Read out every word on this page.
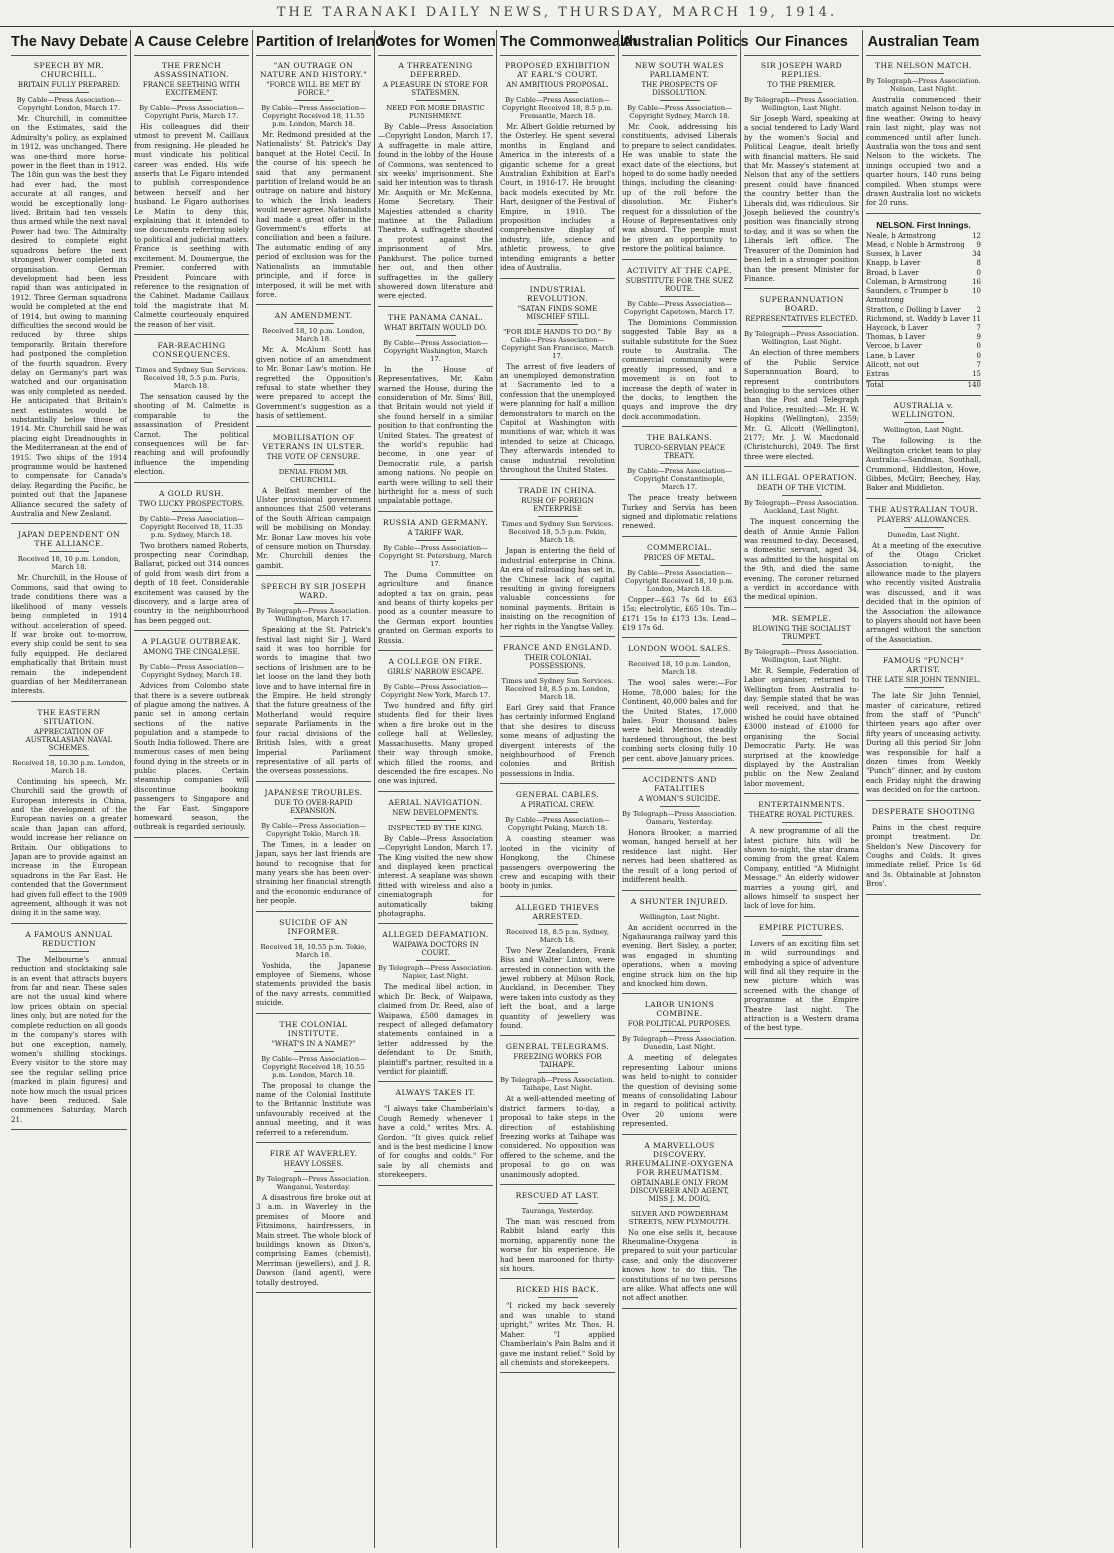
THE TARANAKI DAILY NEWS, THURSDAY, MARCH 19, 1914.
The Navy Debate
SPEECH BY MR. CHURCHILL.
BRITAIN FULLY PREPARED.
By Cable—Press Association—Copyright London, March 17.
Mr. Churchill, in committee on the Estimates, said the Admiralty's policy, as explained in 1912, was unchanged. There was one-third more horse-power in the fleet than in 1912. The 18in gun was the best they had ever had, the most accurate at all ranges, and would be exceptionally long-lived. Britain had ten vessels thus armed while the next naval Power had two. The Admiralty desired to complete eight squadrons before the next strongest Power completed its organisation. German development had been less rapid than was anticipated in 1912. Three German squadrons would be completed at the end of 1914, but owing to manning difficulties the second would be reduced by three ships temporarily. Britain therefore had postponed the completion of the fourth squadron. Every delay on Germany's part was watched and our organisation was only completed as needed. He anticipated that Britain's next estimates would be substantially below those of 1914. Mr. Churchill said he was placing eight Dreadnoughts in the Mediterranean at the end of 1915. Two ships of the 1914 programme would be hastened to compensate for Canada's delay. Regarding the Pacific, he pointed out that the Japanese Alliance secured the safety of Australia and New Zealand.
JAPAN DEPENDENT ON THE ALLIANCE.
Received 18, 10 p.m. London, March 18.
Mr. Churchill, in the House of Commons, said that owing to trade conditions there was a likelihood of many vessels being completed in 1914 without acceleration of speed. If war broke out to-morrow, every ship could be sent to sea fully equipped. He declared emphatically that Britain must remain the independent guardian of her Mediterranean interests.
THE EASTERN SITUATION.
APPRECIATION OF AUSTRALASIAN NAVAL SCHEMES.
Received 18, 10.30 p.m. London, March 18.
Continuing his speech, Mr. Churchill said the growth of European interests in China, and the development of the European navies on a greater scale than Japan can afford, would increase her reliance on Britain. Our obligations to Japan are to provide against an increase in the European squadrons in the Far East. He contended that the Government had given full effect to the 1909 agreement, although it was not doing it in the same way.
A FAMOUS ANNUAL REDUCTION
The Melbourne's annual reduction and stocktaking sale is an event that attracts buyers from far and near. These sales are not the usual kind where low prices obtain on special lines only, but are noted for the complete reduction on all goods in the company's stores with but one exception, namely, women's shilling stockings. Every visitor to the store may see the regular selling price (marked in plain figures) and note how much the usual prices have been reduced. Sale commences Saturday, March 21.
A Cause Celebre
THE FRENCH ASSASSINATION.
FRANCE SEETHING WITH EXCITEMENT.
By Cable—Press Association—Copyright Paris, March 17.
His colleagues did their utmost to prevent M. Caillaux from resigning. He pleaded he must vindicate his political career was ended. His wife asserts that Le Figaro intended to publish correspondence between herself and her husband. Le Figaro authorises Le Matin to deny this, explaining that it intended to use documents referring solely to political and judicial matters. France is seething with excitement. M. Doumergue, the Premier, conferred with President Poincare with reference to the resignation of the Cabinet. Madame Caillaux told the magistrate that M. Calmette courteously enquired the reason of her visit.
FAR-REACHING CONSEQUENCES.
Times and Sydney Sun Services. Received 18, 5.5 p.m. Paris, March 18.
The sensation caused by the shooting of M. Calmette is comparable to the assassination of President Carnot. The political consequences will be far-reaching and will profoundly influence the impending election.
A GOLD RUSH.
TWO LUCKY PROSPECTORS.
By Cable—Press Association—Copyright Received 18, 11.35 p.m. Sydney, March 18.
Two brothers named Roberts, prospecting near Corindhap, Ballarat, picked out 314 ounces of gold from wash dirt from a depth of 18 feet. Considerable excitement was caused by the discovery, and a large area of country in the neighbourhood has been pegged out.
A PLAGUE OUTBREAK.
AMONG THE CINGALESE.
By Cable—Press Association—Copyright Sydney, March 18.
Advices from Colombo state that there is a severe outbreak of plague among the natives. A panic set in among certain sections of the native population and a stampede to South India followed. There are numerous cases of men being found dying in the streets or in public places. Certain steamship companies will discontinue booking passengers to Singapore and the Far East. Singapore homeward season, the outbreak is regarded seriously.
Partition of Ireland
"AN OUTRAGE ON NATURE AND HISTORY."
"FORCE WILL BE MET BY FORCE."
By Cable—Press Association—Copyright Received 18, 11.55 p.m. London, March 18.
Mr. Redmond presided at the Nationalists' St. Patrick's Day banquet at the Hotel Cecil. In the course of his speech he said that any permanent partition of Ireland would be an outrage on nature and history to which the Irish leaders would never agree. Nationalists had made a great offer in the Government's efforts at conciliation and been a failure. The automatic ending of any period of exclusion was for the Nationalists an immutable principle, and if force is interposed, it will be met with force.
AN AMENDMENT.
Received 18, 10 p.m. London, March 18.
Mr. A. McAlum Scott has given notice of an amendment to Mr. Bonar Law's motion. He regretted the Opposition's refusal to state whether they were prepared to accept the Government's suggestion as a basis of settlement.
MOBILISATION OF VETERANS IN ULSTER.
THE VOTE OF CENSURE.
DENIAL FROM MR. CHURCHILL.
A Belfast member of the Ulster provisional government announces that 2500 veterans of the South African campaign will be mobilising on Monday. Mr. Bonar Law moves his vote of censure motion on Thursday. Mr. Churchill denies the gambit.
SPEECH BY SIR JOSEPH WARD.
By Telegraph—Press Association. Wellington, March 17.
Speaking at the St. Patrick's festival last night Sir J. Ward said it was too horrible for words to imagine that two sections of Irishmen are to be let loose on the land they both love and to have internal fire in the Empire. He held strongly that the future greatness of the Motherland would require separate Parliaments in the four racial divisions of the British Isles, with a great Imperial Parliament representative of all parts of the overseas possessions.
JAPANESE TROUBLES.
DUE TO OVER-RAPID EXPANSION.
By Cable—Press Association—Copyright Tokio, March 18.
The Times, in a leader on Japan, says her last friends are bound to recognise that for many years she has been over-straining her financial strength and the economic endurance of her people.
SUICIDE OF AN INFORMER.
Received 18, 10.55 p.m. Tokio, March 18.
Yoshida, the Japanese employee of Siemens, whose statements provided the basis of the navy arrests, committed suicide.
THE COLONIAL INSTITUTE.
"WHAT'S IN A NAME?"
By Cable—Press Association—Copyright Received 18, 10.55 p.m. London, March 18.
The proposal to change the name of the Colonial Institute to the Britannic Institute was unfavourably received at the annual meeting, and it was referred to a referendum.
FIRE AT WAVERLEY.
HEAVY LOSSES.
By Telegraph—Press Association. Wanganui, Yesterday.
A disastrous fire broke out at 3 a.m. in Waverley in the premises of Moore and Fitzsimons, hairdressers, in Main street. The whole block of buildings known as Dixon's, comprising Eames (chemist), Merriman (jewellers), and J. R. Dawson (land agent), were totally destroyed.
Votes for Women
A THREATENING DEFERRED.
A PLEASURE IN STORE FOR STATESMEN.
NEED FOR MORE DRASTIC PUNISHMENT.
By Cable—Press Association—Copyright London, March 17. A suffragette in male attire, found in the lobby of the House of Commons, was sentenced to six weeks' imprisonment. She said her intention was to thrash Mr. Asquith or Mr. McKenna, Home Secretary. Their Majesties attended a charity matinee at the Palladium Theatre. A suffragette shouted a protest against the imprisonment of Mrs. Pankhurst. The police turned her out, and then other suffragettes in the gallery showered down literature and were ejected.
THE PANAMA CANAL.
WHAT BRITAIN WOULD DO.
By Cable—Press Association—Copyright Washington, March 17.
In the House of Representatives, Mr. Kahn warned the House, during the consideration of Mr. Sims' Bill, that Britain would not yield if she found herself in a similar position to that confronting the United States. The greatest of the world's republic had become, in one year of Democratic rule, a parish among nations. No people on earth were willing to sell their birthright for a mess of such unpalatable pottage.
RUSSIA AND GERMANY.
A TARIFF WAR.
By Cable—Press Association—Copyright St. Petersburg, March 17.
The Duma Committee on agriculture and finance adopted a tax on grain, peas and beans of thirty kopeks per pood as a counter measure to the German export bounties granted on German exports to Russia.
A COLLEGE ON FIRE.
GIRLS' NARROW ESCAPE.
By Cable—Press Association—Copyright New York, March 17.
Two hundred and fifty girl students fled for their lives when a fire broke out in the college hall at Wellesley, Massachusetts. Many groped their way through smoke, which filled the rooms, and descended the fire escapes. No one was injured.
AERIAL NAVIGATION.
NEW DEVELOPMENTS.
INSPECTED BY THE KING.
By Cable—Press Association—Copyright London, March 17. The King visited the new show and displayed keen practical interest. A seaplane was shown fitted with wireless and also a cinematograph for automatically taking photographs.
ALLEGED DEFAMATION.
WAIPAWA DOCTORS IN COURT.
By Telegraph—Press Association. Napier, Last Night.
The medical libel action, in which Dr. Beck, of Waipawa, claimed from Dr. Reed, also of Waipawa, £500 damages in respect of alleged defamatory statements contained in a letter addressed by the defendant to Dr. Smith, plaintiff's partner, resulted in a verdict for plaintiff.
ALWAYS TAKES IT.
"I always take Chamberlain's Cough Remedy whenever I have a cold," writes Mrs. A. Gordon. "It gives quick relief and is the best medicine I know of for coughs and colds." For sale by all chemists and storekeepers.
The Commonwealth
PROPOSED EXHIBITION AT EARL'S COURT.
AN AMBITIOUS PROPOSAL.
By Cable—Press Association—Copyright Received 18, 8.5 p.m. Fremantle, March 18.
Mr. Albert Goldie returned by the Osterley. He spent several months in England and America in the interests of a gigantic scheme for a great Australian Exhibition at Earl's Court, in 1916-17. He brought back models executed by Mr. Hart, designer of the Festival of Empire, in 1910. The proposition includes a comprehensive display of industry, life, science and athletic prowess, to give intending emigrants a better idea of Australia.
INDUSTRIAL REVOLUTION.
"SATAN FINDS SOME MISCHIEF STILL
"FOR IDLE HANDS TO DO." By Cable—Press Association—Copyright San Francisco, March 17.
The arrest of five leaders of an unemployed demonstration at Sacramento led to a confession that the unemployed were planning for half a million demonstrators to march on the Capitol at Washington with munitions of war, which it was intended to seize at Chicago. They afterwards intended to cause industrial revolution throughout the United States.
TRADE IN CHINA.
RUSH OF FOREIGN ENTERPRISE
Times and Sydney Sun Services. Received 18, 5.5 p.m. Pekin, March 18.
Japan is entering the field of industrial enterprise in China. An era of railroading has set in, the Chinese lack of capital resulting in giving foreigners valuable concessions for nominal payments. Britain is insisting on the recognition of her rights in the Yangtse Valley.
FRANCE AND ENGLAND.
THEIR COLONIAL POSSESSIONS.
Times and Sydney Sun Services. Received 18, 8.5 p.m. London, March 18.
Earl Grey said that France has certainly informed England that she desires to discuss some means of adjusting the divergent interests of the neighbourhood of French colonies and British possessions in India.
GENERAL CABLES.
A PIRATICAL CREW.
By Cable—Press Association—Copyright Peking, March 18.
A coasting steamer was looted in the vicinity of Hongkong, the Chinese passengers overpowering the crew and escaping with their booty in junks.
ALLEGED THIEVES ARRESTED.
Received 18, 8.5 p.m. Sydney, March 18.
Two New Zealanders, Frank Biss and Walter Linton, were arrested in connection with the jewel robbery at Milson Rock, Auckland, in December. They were taken into custody as they left the boat, and a large quantity of jewellery was found.
GENERAL TELEGRAMS.
FREEZING WORKS FOR TAIHAPE.
By Telegraph—Press Association. Taihape, Last Night.
At a well-attended meeting of district farmers to-day, a proposal to take steps in the direction of establishing freezing works at Taihape was considered. No opposition was offered to the scheme, and the proposal to go on was unanimously adopted.
RESCUED AT LAST.
Tauranga, Yesterday.
The man was rescued from Rabbit Island early this morning, apparently none the worse for his experience. He had been marooned for thirty-six hours.
RICKED HIS BACK.
"I ricked my back severely and was unable to stand upright," writes Mr. Thos. H. Maher. "I applied Chamberlain's Pain Balm and it gave me instant relief." Sold by all chemists and storekeepers.
Australian Politics
NEW SOUTH WALES PARLIAMENT.
THE PROSPECTS OF DISSOLUTION.
By Cable—Press Association—Copyright Sydney, March 18.
Mr. Cook, addressing his constituents, advised Liberals to prepare to select candidates. He was unable to state the exact date of the elections, but hoped to do some badly needed things, including the cleaning-up of the roll before the dissolution. Mr. Fisher's request for a dissolution of the House of Representatives only was absurd. The people must be given an opportunity to restore the political balance.
ACTIVITY AT THE CAPE.
SUBSTITUTE FOR THE SUEZ ROUTE.
By Cable—Press Association—Copyright Capetown, March 17.
The Dominions Commission suggested Table Bay as a suitable substitute for the Suez route to Australia. The commercial community were greatly impressed, and a movement is on foot to increase the depth of water in the docks, to lengthen the quays and improve the dry dock accommodation.
THE BALKANS.
TURCO-SERVIAN PEACE TREATY.
By Cable—Press Association—Copyright Constantinople, March 17.
The peace treaty between Turkey and Servia has been signed and diplomatic relations renewed.
COMMERCIAL.
PRICES OF METAL.
By Cable—Press Association—Copyright Received 18, 10 p.m. London, March 18.
Copper—£63 7s 6d to £63 15s; electrolytic, £65 10s. Tin—£171 15s to £173 13s. Lead—£19 17s 6d.
LONDON WOOL SALES.
Received 18, 10 p.m. London, March 18.
The wool sales were:—For Home, 78,000 bales; for the Continent, 40,000 bales and for the United States, 17,000 bales. Four thousand bales were held. Merinos steadily hardened throughout, the best combing sorts closing fully 10 per cent. above January prices.
ACCIDENTS AND FATALITIES
A WOMAN'S SUICIDE.
By Telegraph—Press Association. Oamaru, Yesterday.
Honora Brooker, a married woman, hanged herself at her residence last night. Her nerves had been shattered as the result of a long period of indifferent health.
A SHUNTER INJURED.
Wellington, Last Night.
An accident occurred in the Ngahauranga railway yard this evening. Bert Sisley, a porter, was engaged in shunting operations, when a moving engine struck him on the hip and knocked him down.
LABOR UNIONS COMBINE.
FOR POLITICAL PURPOSES.
By Telegraph—Press Association. Dunedin, Last Night.
A meeting of delegates representing Labour unions was held to-night to consider the question of devising some means of consolidating Labour in regard to political activity. Over 20 unions were represented.
A MARVELLOUS DISCOVERY. RHEUMALINE-OXYGENA FOR RHEUMATISM.
OBTAINABLE ONLY FROM DISCOVERER AND AGENT, MISS J. M. DOIG,
SILVER AND POWDERHAM STREETS, NEW PLYMOUTH.
No one else sells it, because Rheumaline-Oxygena is prepared to suit your particular case, and only the discoverer knows how to do this. The constitutions of no two persons are alike. What affects one will not affect another.
Our Finances
SIR JOSEPH WARD REPLIES.
TO THE PREMIER.
By Telegraph—Press Association. Wellington, Last Night.
Sir Joseph Ward, speaking at a social tendered to Lady Ward by the women's Social and Political League, dealt briefly with financial matters. He said that Mr. Massey's statement at Nelson that any of the settlers present could have financed the country better than the Liberals did, was ridiculous. Sir Joseph believed the country's position was financially strong to-day, and it was so when the Liberals left office. The Treasurer of the Dominion had been left in a stronger position than the present Minister for Finance.
SUPERANNUATION BOARD.
REPRESENTATIVES ELECTED.
By Telegraph—Press Association. Wellington, Last Night.
An election of three members of the Public Service Superannuation Board, to represent contributors belonging to the services other than the Post and Telegraph and Police, resulted:—Mr. H. W. Hopkins (Wellington), 2359; Mr. G. Allcott (Wellington), 2177; Mr. J. W. Macdonald (Christchurch), 2049. The first three were elected.
AN ILLEGAL OPERATION.
DEATH OF THE VICTIM.
By Telegraph—Press Association. Auckland, Last Night.
The inquest concerning the death of Annie Annie Fallon was resumed to-day. Deceased, a domestic servant, aged 34, was admitted to the hospital on the 9th, and died the same evening. The coroner returned a verdict in accordance with the medical opinion.
MR. SEMPLE.
BLOWING THE SOCIALIST TRUMPET.
By Telegraph—Press Association. Wellington, Last Night.
Mr. R. Semple, Federation of Labor organiser, returned to Wellington from Australia to-day. Semple stated that he was well received, and that he wished he could have obtained £3000 instead of £1000 for organising the Social Democratic Party. He was surprised at the knowledge displayed by the Australian public on the New Zealand labor movement.
ENTERTAINMENTS.
THEATRE ROYAL PICTURES.
A new programme of all the latest picture hits will be shown to-night, the star drama coming from the great Kalem Company, entitled "A Midnight Message." An elderly widower marries a young girl, and allows himself to suspect her lack of love for him.
EMPIRE PICTURES.
Lovers of an exciting film set in wild surroundings and embodying a spice of adventure will find all they require in the new picture which was screened with the change of programme at the Empire Theatre last night. The attraction is a Western drama of the best type.
Australian Team
THE NELSON MATCH.
By Telegraph—Press Association. Nelson, Last Night.
Australia commenced their match against Nelson to-day in fine weather. Owing to heavy rain last night, play was not commenced until after lunch. Australia won the toss and sent Nelson to the wickets. The innings occupied two and a quarter hours, 140 runs being compiled. When stumps were drawn Australia lost no wickets for 20 runs.
NELSON. First Innings.
Neale, b Armstrong	12
Mead, c Noble b Armstrong 9
Sussex, b Laver	34
Knapp, b Laver	8
Broad, b Laver	0
Coleman, b Armstrong	16
Saunders, c Trumper b Armstrong
10
Stratton, c Dolling b Laver 2
Richmond, st. Waddy b Laver 11
Haycock, b Laver	7
Thomas, b Laver	9
Vercoe, b Laver	0
Lane, b Laver	0
Allcott, not out	7
Extras	15
Total	140
AUSTRALIA v. WELLINGTON.
Wellington, Last Night.
The following is the Wellington cricket team to play Australia:—Sandman, Southall, Crummond, Hiddleston, Howe, Gibbes, McGirr, Beechey, Hay, Baker and Middleton.
THE AUSTRALIAN TOUR.
PLAYERS' ALLOWANCES.
Dunedin, Last Night.
At a meeting of the executive of the Otago Cricket Association to-night, the allowance made to the players who recently visited Australia was discussed, and it was decided that in the opinion of the Association the allowance to players should not have been arranged without the sanction of the Association.
FAMOUS "PUNCH" ARTIST.
THE LATE SIR JOHN TENNIEL.
The late Sir John Tenniel, master of caricature, retired from the staff of "Punch" thirteen years ago after over fifty years of unceasing activity. During all this period Sir John was responsible for half a dozen times from Weekly "Punch" dinner, and by custom each Friday night the drawing was decided on for the cartoon.
DESPERATE SHOOTING
Pains in the chest require prompt treatment. Dr. Sheldon's New Discovery for Coughs and Colds. It gives immediate relief. Price 1s 6d and 3s. Obtainable at Johnston Bros'.
